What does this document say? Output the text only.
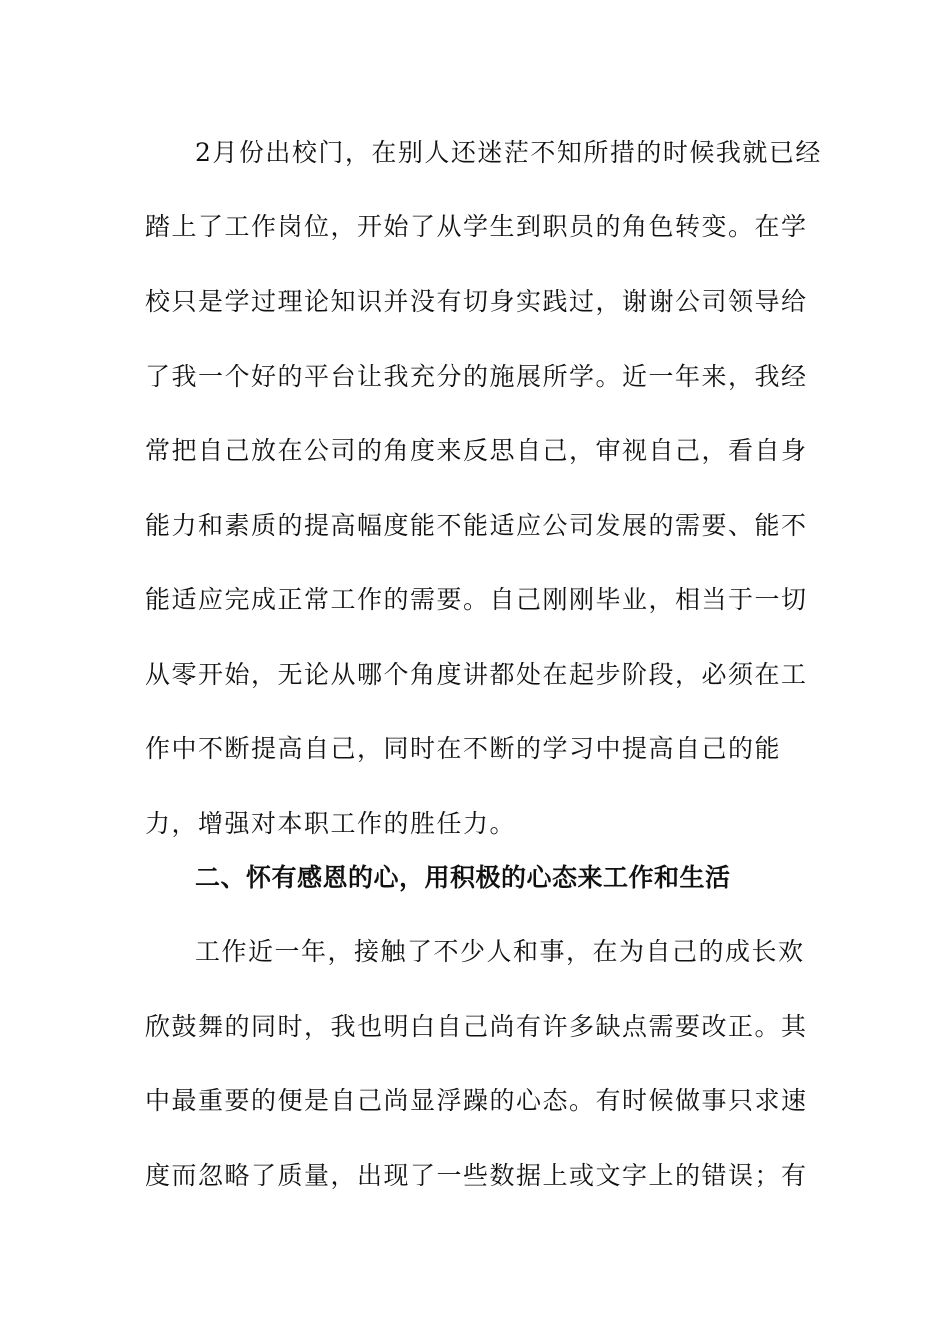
2月份出校门，在别人还迷茫不知所措的时候我就已经
踏上了工作岗位，开始了从学生到职员的角色转变。在学
校只是学过理论知识并没有切身实践过，谢谢公司领导给
了我一个好的平台让我充分的施展所学。近一年来，我经
常把自己放在公司的角度来反思自己，审视自己，看自身
能力和素质的提高幅度能不能适应公司发展的需要、能不
能适应完成正常工作的需要。自己刚刚毕业，相当于一切
从零开始，无论从哪个角度讲都处在起步阶段，必须在工
作中不断提高自己，同时在不断的学习中提高自己的能
力，增强对本职工作的胜任力。
二、怀有感恩的心，用积极的心态来工作和生活
工作近一年，接触了不少人和事，在为自己的成长欢
欣鼓舞的同时，我也明白自己尚有许多缺点需要改正。其
中最重要的便是自己尚显浮躁的心态。有时候做事只求速
度而忽略了质量，出现了一些数据上或文字上的错误；有
